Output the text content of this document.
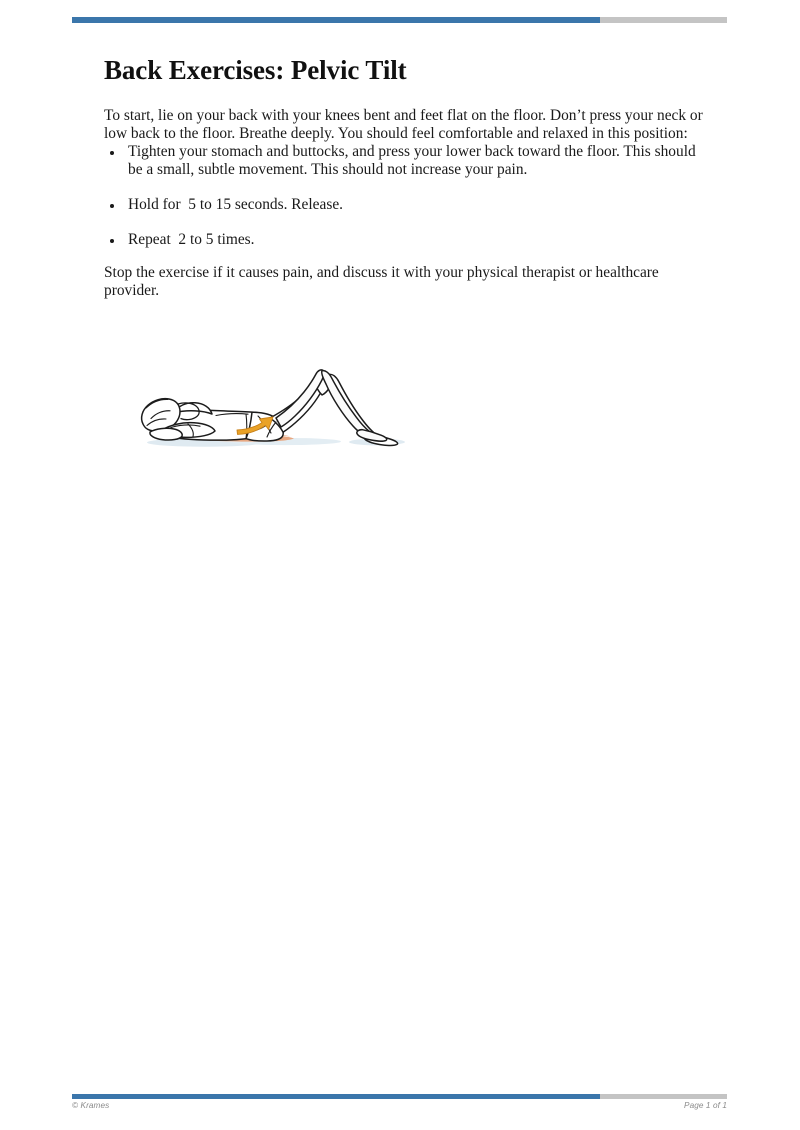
Back Exercises: Pelvic Tilt

To start, lie on your back with your knees bent and feet flat on the floor. Don’t press your neck or low back to the floor. Breathe deeply. You should feel comfortable and relaxed in this position:

Tighten your stomach and buttocks, and press your lower back toward the floor. This should be a small, subtle movement. This should not increase your pain.
Hold for  5 to 15 seconds. Release.
Repeat  2 to 5 times.

Stop the exercise if it causes pain, and discuss it with your physical therapist or healthcare provider.

© Krames	Page 1 of 1
